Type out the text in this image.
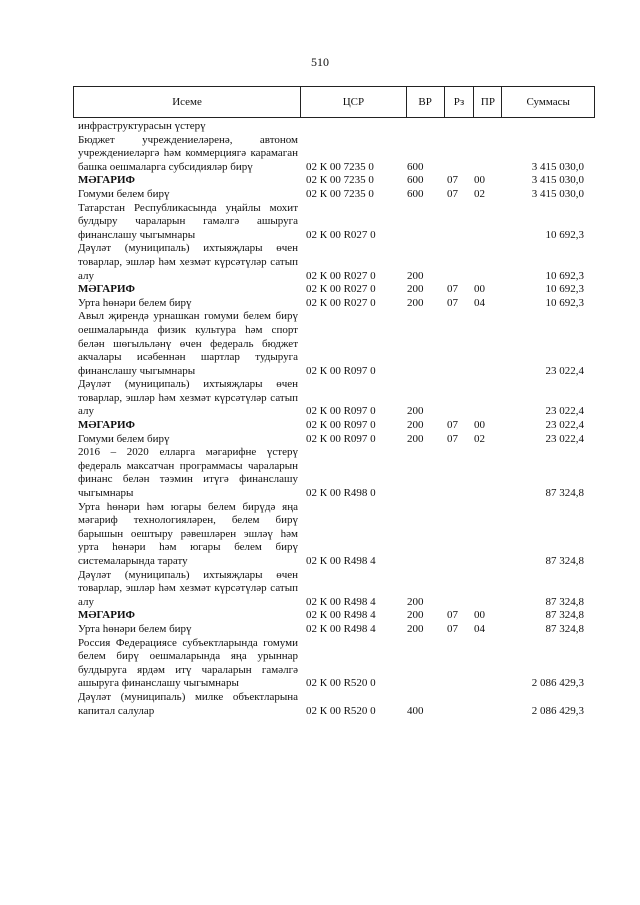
510
Исеме	ЦСР	ВР	Рз	ПР	Суммасы
инфраструктурасын үстерү
Бюджет учреждениеләренә, автоном учреждениеләргә һәм коммерциягә карамаган башка оешмаларга субсидияләр бирү	02 К 00 7235 0	600	3 415 030,0
МӘГАРИФ	02 К 00 7235 0	600 07 00	3 415 030,0
Гомуми белем бирү	02 К 00 7235 0	600 07 02	3 415 030,0
Татарстан Республикасында уңайлы мохит булдыру чараларын гамәлгә ашыруга финанслашу чыгымнары	02 К 00 R027 0	10 692,3
Дәүләт (муниципаль) ихтыяҗлары өчен товарлар, эшләр һәм хезмәт күрсәтүләр сатып алу	02 К 00 R027 0	200	10 692,3
МӘГАРИФ	02 К 00 R027 0	200 07 00	10 692,3
Урта һөнәри белем бирү	02 К 00 R027 0	200 07 04	10 692,3
Авыл җирендә урнашкан гомуми белем бирү оешмаларында физик культура һәм спорт белән шөгыльләнү өчен федераль бюджет акчалары исәбеннән шартлар тудыруга финанслашу чыгымнары	02 К 00 R097 0	23 022,4
Дәүләт (муниципаль) ихтыяҗлары өчен товарлар, эшләр һәм хезмәт күрсәтүләр сатып алу	02 К 00 R097 0	200	23 022,4
МӘГАРИФ	02 К 00 R097 0	200 07 00	23 022,4
Гомуми белем бирү	02 К 00 R097 0	200 07 02	23 022,4
2016 – 2020 елларга мәгарифне үстерү федераль максатчан программасы чараларын финанс белән тәэмин итүгә финанслашу чыгымнары	02 К 00 R498 0	87 324,8
Урта һөнәри һәм югары белем бирүдә яңа мәгариф технологияләрен, белем бирү барышын оештыру рәвешләрен эшләү һәм урта һөнәри һәм югары белем бирү системаларында тарату	02 К 00 R498 4	87 324,8
Дәүләт (муниципаль) ихтыяҗлары өчен товарлар, эшләр һәм хезмәт күрсәтүләр сатып алу	02 К 00 R498 4	200	87 324,8
МӘГАРИФ	02 К 00 R498 4	200 07 00	87 324,8
Урта һөнәри белем бирү	02 К 00 R498 4	200 07 04	87 324,8
Россия Федерациясе субъектларында гомуми белем бирү оешмаларында яңа урыннар булдыруга ярдәм итү чараларын гамәлгә ашыруга финанслашу чыгымнары	02 К 00 R520 0	2 086 429,3
Дәүләт (муниципаль) милке объектларына капитал салулар	02 К 00 R520 0	400	2 086 429,3
